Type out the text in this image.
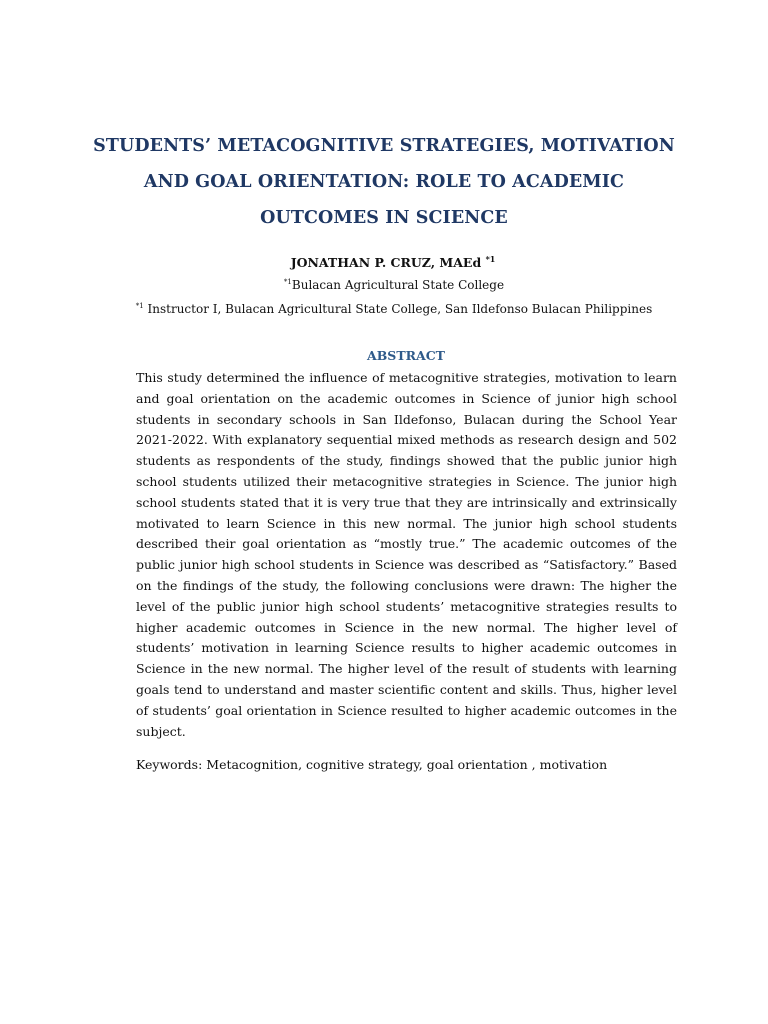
STUDENTS’ METACOGNITIVE STRATEGIES, MOTIVATION
AND GOAL ORIENTATION: ROLE TO ACADEMIC
OUTCOMES IN SCIENCE
JONATHAN P. CRUZ, MAEd $^{*1}$
$^{*1}$Bulacan Agricultural State College
$^{*1}$ Instructor I, Bulacan Agricultural State College, San Ildefonso Bulacan Philippines
ABSTRACT
This study determined the influence of metacognitive strategies, motivation to learn and goal orientation on the academic outcomes in Science of junior high school students in secondary schools in San Ildefonso, Bulacan during the School Year 2021-2022. With explanatory sequential mixed methods as research design and 502 students as respondents of the study, findings showed that the public junior high school students utilized their metacognitive strategies in Science. The junior high school students stated that it is very true that they are intrinsically and extrinsically motivated to learn Science in this new normal. The junior high school students described their goal orientation as “mostly true.” The academic outcomes of the public junior high school students in Science was described as “Satisfactory.” Based on the findings of the study, the following conclusions were drawn: The higher the level of the public junior high school students’ metacognitive strategies results to higher academic outcomes in Science in the new normal. The higher level of students’ motivation in learning Science results to higher academic outcomes in Science in the new normal. The higher level of the result of students with learning goals tend to understand and master scientific content and skills. Thus, higher level of students’ goal orientation in Science resulted to higher academic outcomes in the subject.
Keywords: Metacognition, cognitive strategy, goal orientation , motivation
